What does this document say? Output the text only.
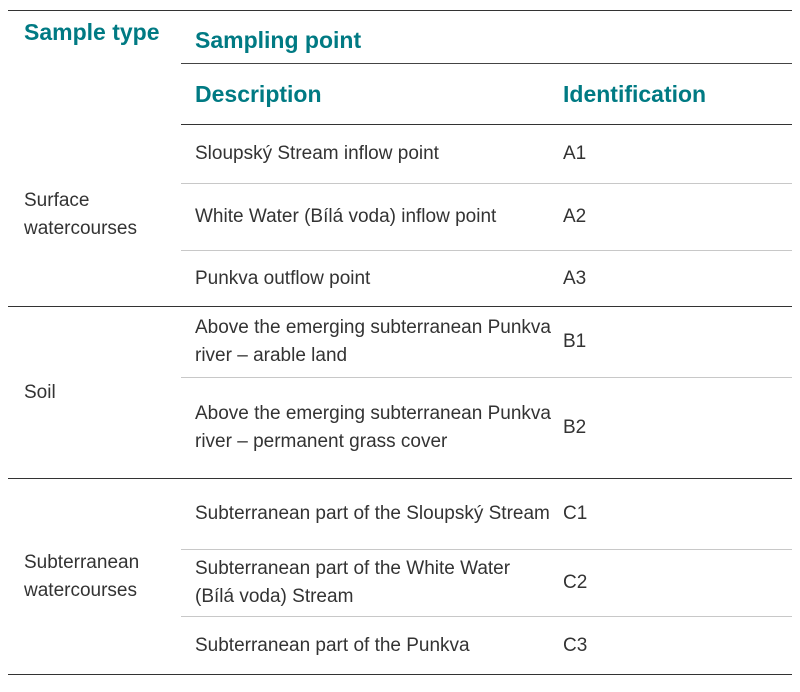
Sample type	Sampling point	
	Description	Identification
Surface watercourses	Sloupský Stream inflow point	A1
	White Water (Bílá voda) inflow point	A2
	Punkva outflow point	A3
Soil	Above the emerging subterranean Punkva river – arable land	B1
	Above the emerging subterranean Punkva river – permanent grass cover	B2
Subterranean watercourses	Subterranean part of the Sloupský Stream	C1
	Subterranean part of the White Water (Bílá voda) Stream	C2
	Subterranean part of the Punkva	C3
